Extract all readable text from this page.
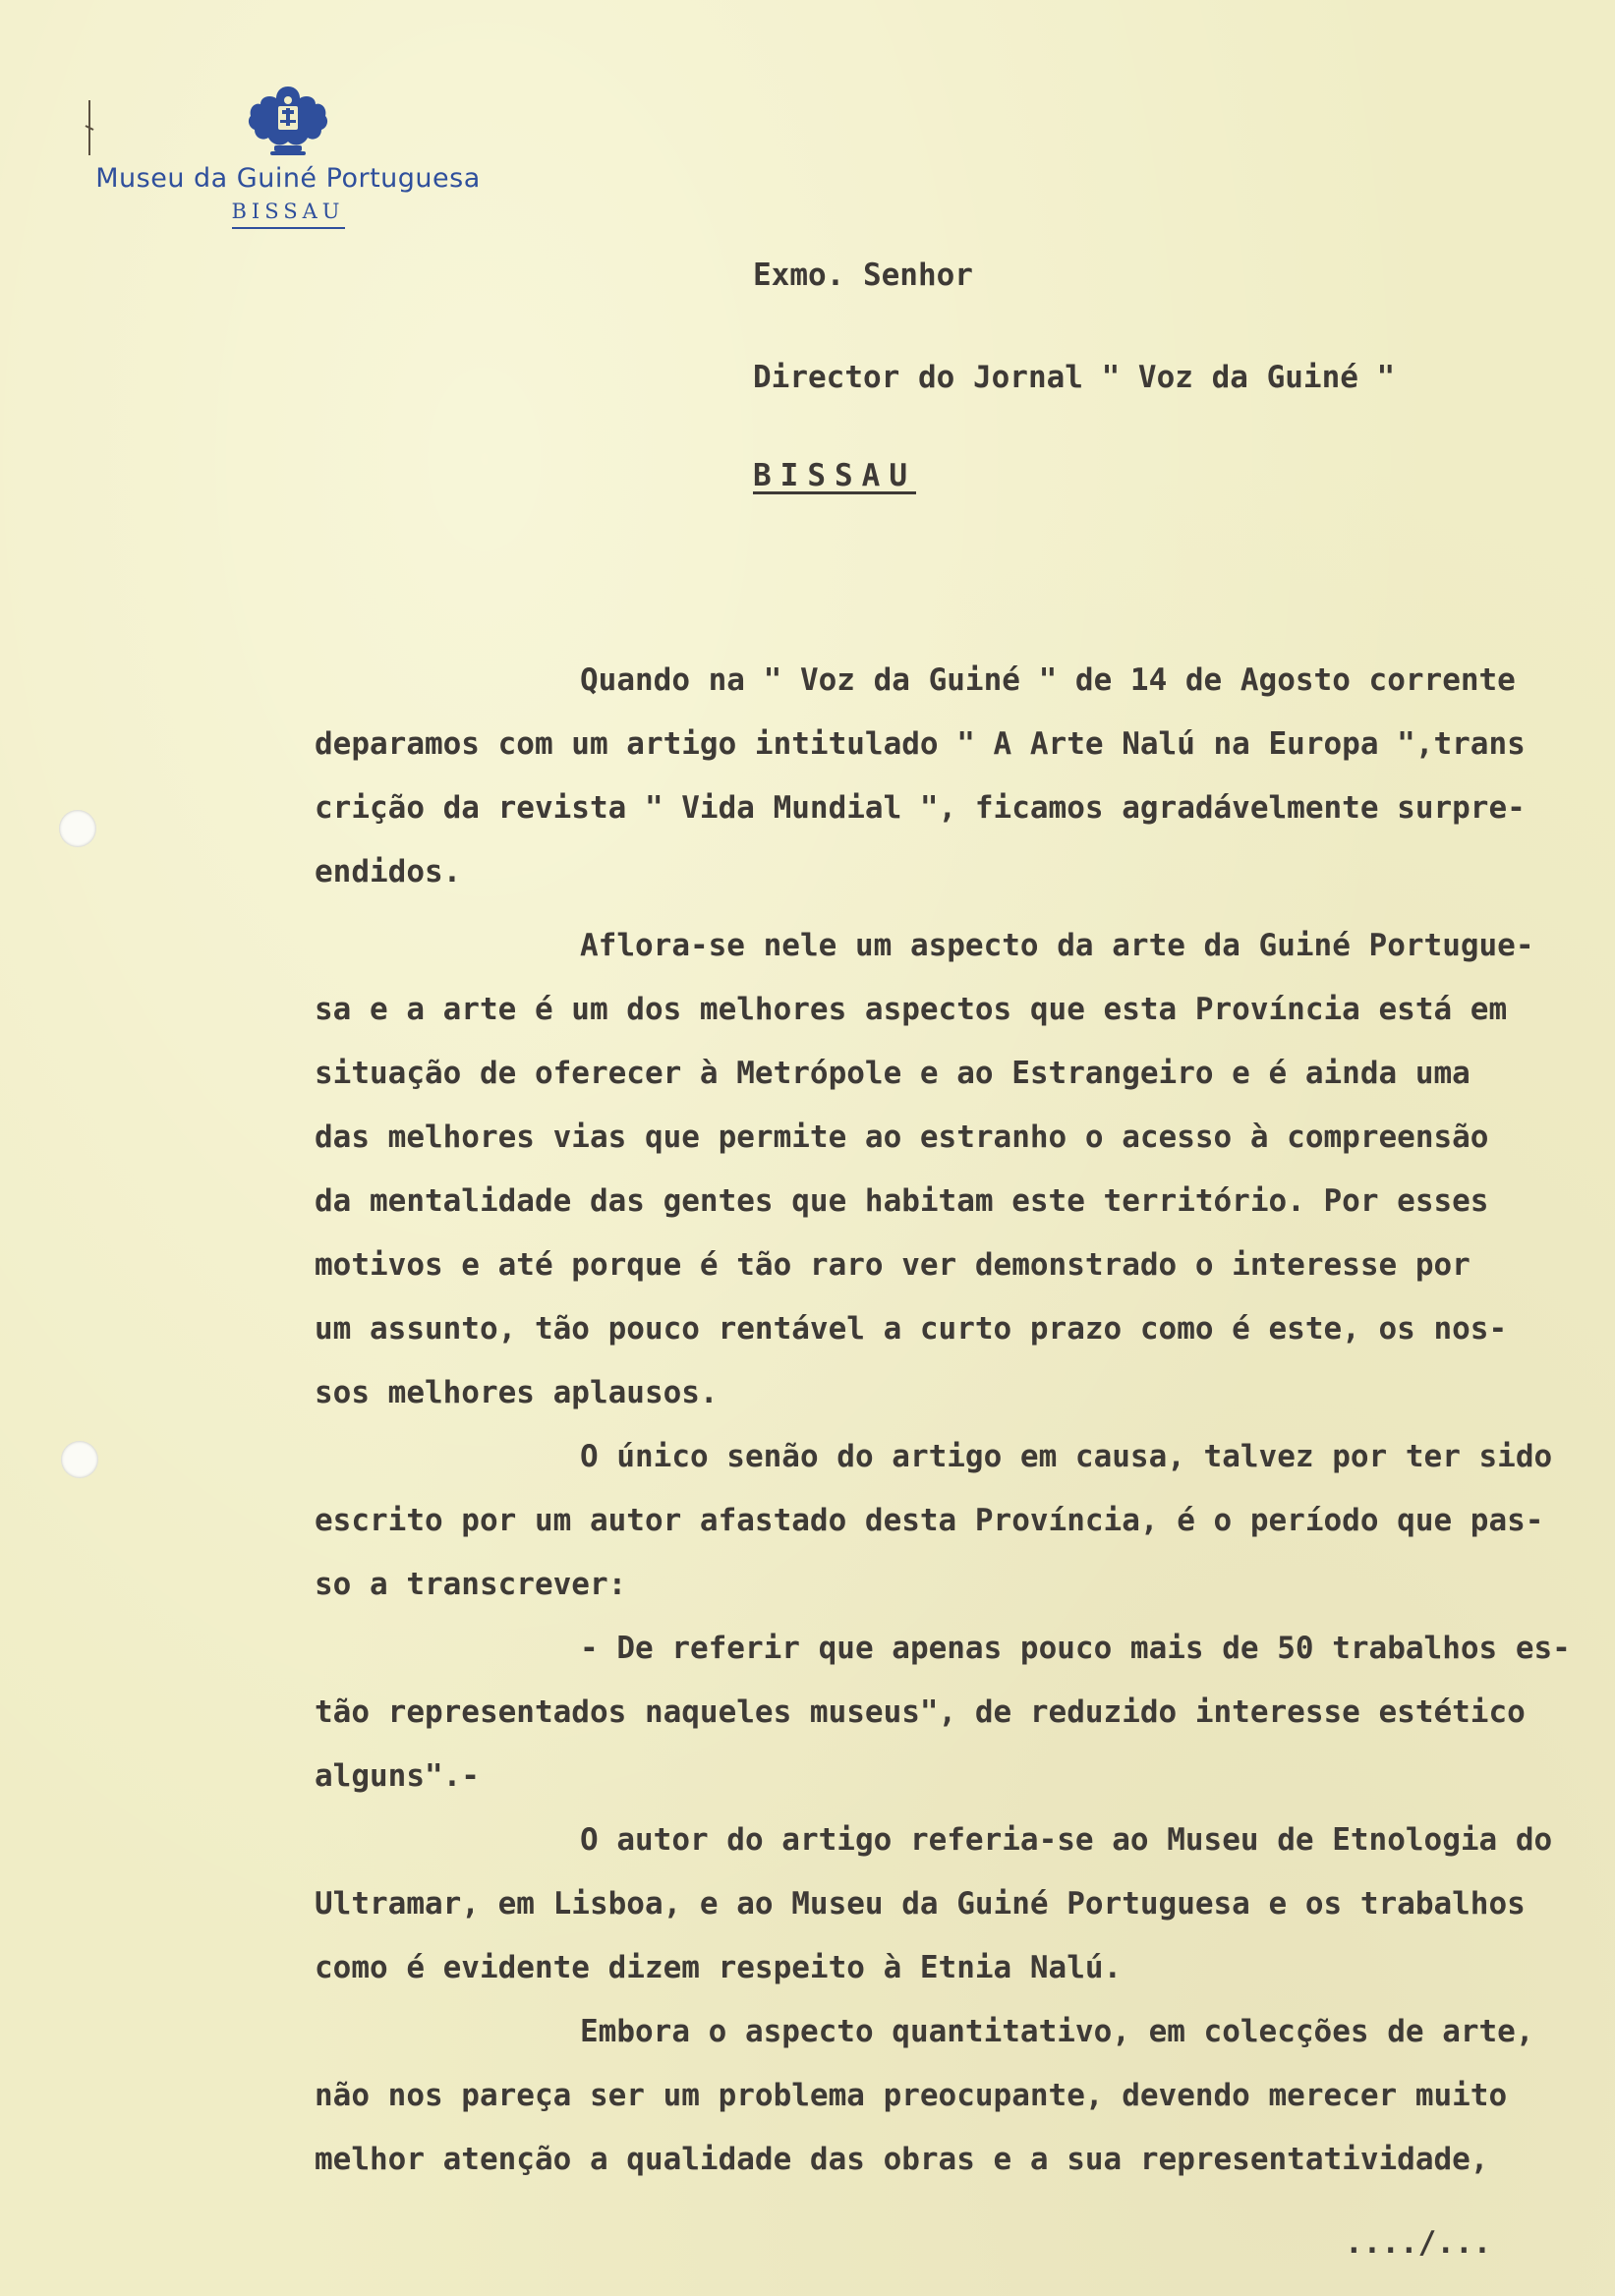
Museu da Guiné Portuguesa
BISSAU
Exmo. Senhor
Director do Jornal " Voz da Guiné "
BISSAU
Quando na " Voz da Guiné " de 14 de Agosto corrente
deparamos com um artigo intitulado " A Arte Nalú na Europa ",trans
crição da revista " Vida Mundial ", ficamos agradávelmente surpre-
endidos.
Aflora-se nele um aspecto da arte da Guiné Portugue-
sa e a arte é um dos melhores aspectos que esta Província está em
situação de oferecer à Metrópole e ao Estrangeiro e é ainda uma
das melhores vias que permite ao estranho o acesso à compreensão
da mentalidade das gentes que habitam este território. Por esses
motivos e até porque é tão raro ver demonstrado o interesse por
um assunto, tão pouco rentável a curto prazo como é este, os nos-
sos melhores aplausos.
O único senão do artigo em causa, talvez por ter sido
escrito por um autor afastado desta Província, é o período que pas-
so a transcrever:
- De referir que apenas pouco mais de 50 trabalhos es-
tão representados naqueles museus", de reduzido interesse estético
alguns".-
O autor do artigo referia-se ao Museu de Etnologia do
Ultramar, em Lisboa, e ao Museu da Guiné Portuguesa e os trabalhos
como é evidente dizem respeito à Etnia Nalú.
Embora o aspecto quantitativo, em colecções de arte,
não nos pareça ser um problema preocupante, devendo merecer muito
melhor atenção a qualidade das obras e a sua representatividade,
..../...
